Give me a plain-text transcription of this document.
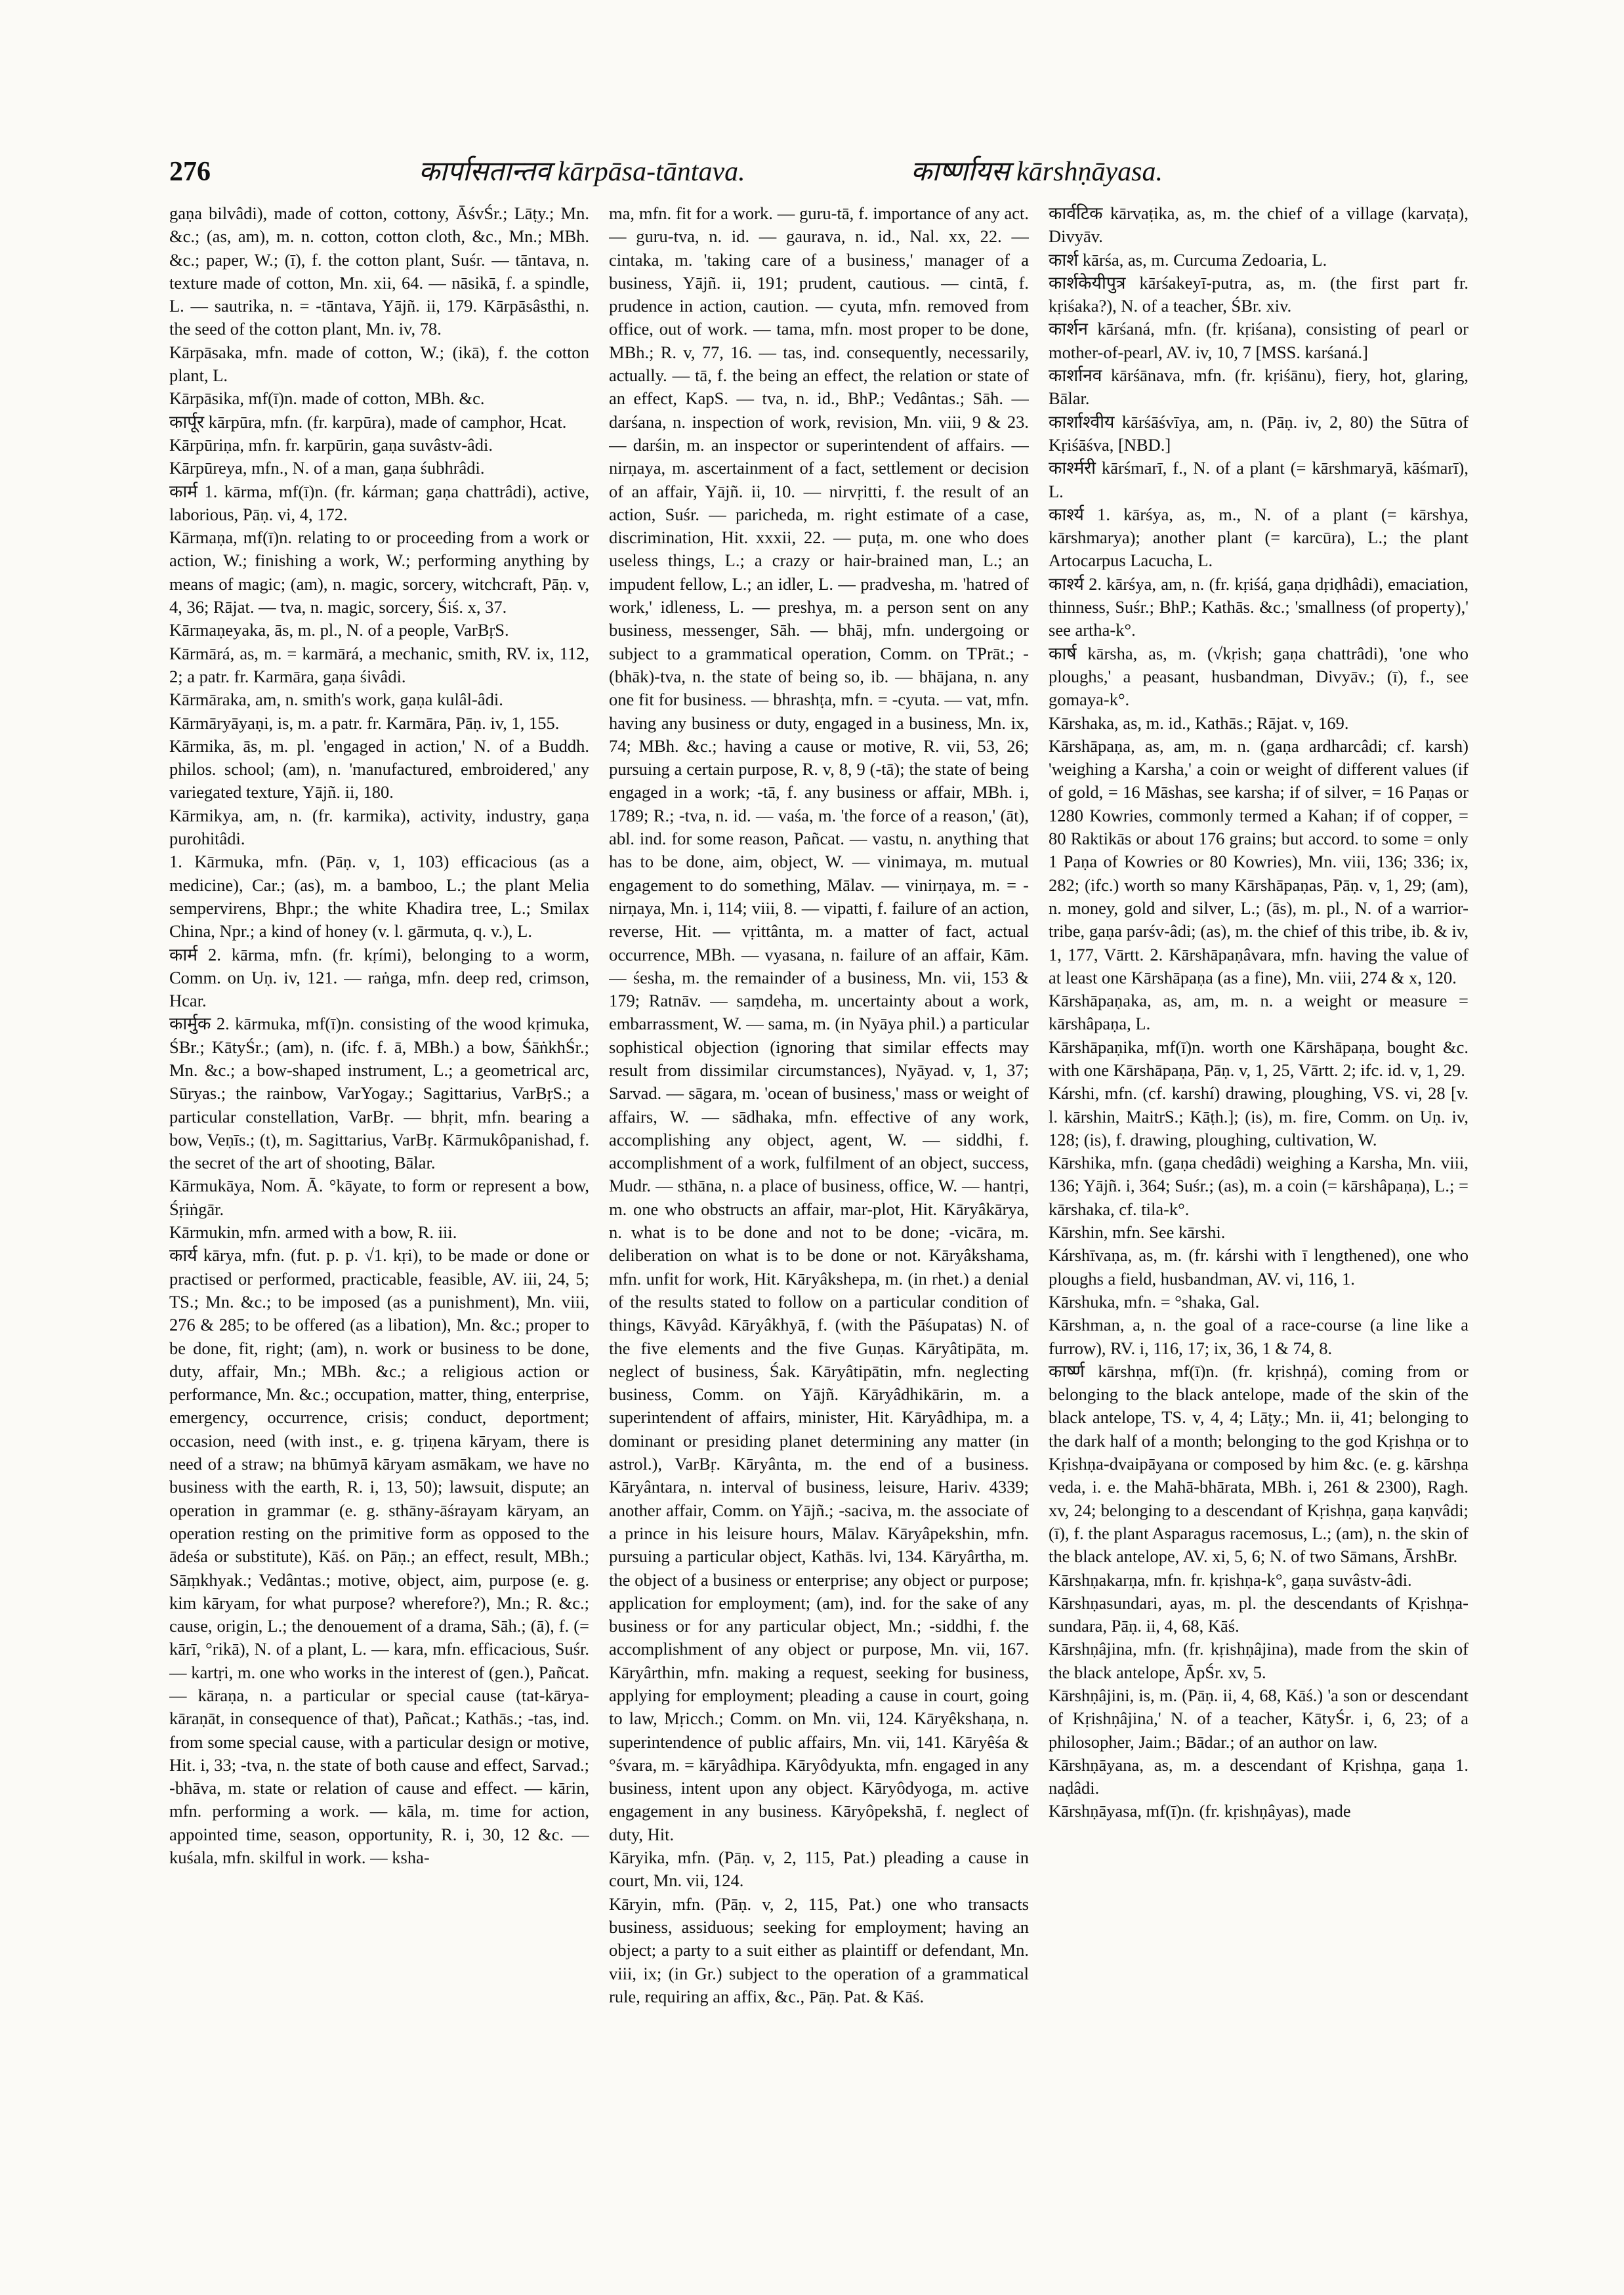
276	कार्पासतान्तव kārpāsa-tāntava.	कार्ष्णायस kārshṇāyasa.

gaṇa bilvâdi), made of cotton, cottony, ĀśvŚr.; Lāṭy.; Mn. &c.; (as, am), m. n. cotton, cotton cloth, &c., Mn.; MBh. &c.; paper, W.; (ī), f. the cotton plant, Suśr. — tāntava, n. texture made of cotton, Mn. xii, 64. — nāsikā, f. a spindle, L. — sautrika, n. = -tāntava, Yājñ. ii, 179. Kārpāsâsthi, n. the seed of the cotton plant, Mn. iv, 78.

Kārpāsaka, mfn. made of cotton, W.; (ikā), f. the cotton plant, L.

Kārpāsika, mf(ī)n. made of cotton, MBh. &c.

कार्पूर kārpūra, mfn. (fr. karpūra), made of camphor, Hcat.

Kārpūriṇa, mfn. fr. karpūrin, gaṇa suvâstv-âdi.

Kārpūreya, mfn., N. of a man, gaṇa śubhrâdi.

कार्म 1. kārma, mf(ī)n. (fr. kárman; gaṇa chattrâdi), active, laborious, Pāṇ. vi, 4, 172.

Kārmaṇa, mf(ī)n. relating to or proceeding from a work or action, W.; finishing a work, W.; performing anything by means of magic; (am), n. magic, sorcery, witchcraft, Pāṇ. v, 4, 36; Rājat. — tva, n. magic, sorcery, Śiś. x, 37.

Kārmaṇeyaka, ās, m. pl., N. of a people, VarBṛS.

Kārmārá, as, m. = karmārá, a mechanic, smith, RV. ix, 112, 2; a patr. fr. Karmāra, gaṇa śivâdi.

Kārmāraka, am, n. smith's work, gaṇa kulâl-âdi.

Kārmāryāyaṇi, is, m. a patr. fr. Karmāra, Pāṇ. iv, 1, 155.

Kārmika, ās, m. pl. 'engaged in action,' N. of a Buddh. philos. school; (am), n. 'manufactured, embroidered,' any variegated texture, Yājñ. ii, 180.

Kārmikya, am, n. (fr. karmika), activity, industry, gaṇa purohitâdi.

1. Kārmuka, mfn. (Pāṇ. v, 1, 103) efficacious (as a medicine), Car.; (as), m. a bamboo, L.; the plant Melia sempervirens, Bhpr.; the white Khadira tree, L.; Smilax China, Npr.; a kind of honey (v. l. gārmuta, q. v.), L.

कार्म 2. kārma, mfn. (fr. kṛími), belonging to a worm, Comm. on Uṇ. iv, 121. — raṅga, mfn. deep red, crimson, Hcar.

कार्मुक 2. kārmuka, mf(ī)n. consisting of the wood kṛimuka, ŚBr.; KātyŚr.; (am), n. (ifc. f. ā, MBh.) a bow, ŚāṅkhŚr.; Mn. &c.; a bow-shaped instrument, L.; a geometrical arc, Sūryas.; the rainbow, VarYogay.; Sagittarius, VarBṛS.; a particular constellation, VarBṛ. — bhṛit, mfn. bearing a bow, Veṇīs.; (t), m. Sagittarius, VarBṛ. Kārmukôpanishad, f. the secret of the art of shooting, Bālar.

Kārmukāya, Nom. Ā. °kāyate, to form or represent a bow, Śṛiṅgār.

Kārmukin, mfn. armed with a bow, R. iii.

कार्य kārya, mfn. (fut. p. p. √1. kṛi), to be made or done or practised or performed, practicable, feasible, AV. iii, 24, 5; TS.; Mn. &c.; to be imposed (as a punishment), Mn. viii, 276 & 285; to be offered (as a libation), Mn. &c.; proper to be done, fit, right; (am), n. work or business to be done, duty, affair, Mn.; MBh. &c.; a religious action or performance, Mn. &c.; occupation, matter, thing, enterprise, emergency, occurrence, crisis; conduct, deportment; occasion, need (with inst., e. g. tṛiṇena kāryam, there is need of a straw; na bhūmyā kāryam asmākam, we have no business with the earth, R. i, 13, 50); lawsuit, dispute; an operation in grammar (e. g. sthāny-āśrayam kāryam, an operation resting on the primitive form as opposed to the ādeśa or substitute), Kāś. on Pāṇ.; an effect, result, MBh.; Sāṃkhyak.; Vedântas.; motive, object, aim, purpose (e. g. kim kāryam, for what purpose? wherefore?), Mn.; R. &c.; cause, origin, L.; the denouement of a drama, Sāh.; (ā), f. (= kārī, °rikā), N. of a plant, L. — kara, mfn. efficacious, Suśr. — kartṛi, m. one who works in the interest of (gen.), Pañcat. — kāraṇa, n. a particular or special cause (tat-kārya-kāraṇāt, in consequence of that), Pañcat.; Kathās.; -tas, ind. from some special cause, with a particular design or motive, Hit. i, 33; -tva, n. the state of both cause and effect, Sarvad.; -bhāva, m. state or relation of cause and effect. — kārin, mfn. performing a work. — kāla, m. time for action, appointed time, season, opportunity, R. i, 30, 12 &c. — kuśala, mfn. skilful in work. — ksha-

ma, mfn. fit for a work. — guru-tā, f. importance of any act. — guru-tva, n. id. — gaurava, n. id., Nal. xx, 22. — cintaka, m. 'taking care of a business,' manager of a business, Yājñ. ii, 191; prudent, cautious. — cintā, f. prudence in action, caution. — cyuta, mfn. removed from office, out of work. — tama, mfn. most proper to be done, MBh.; R. v, 77, 16. — tas, ind. consequently, necessarily, actually. — tā, f. the being an effect, the relation or state of an effect, KapS. — tva, n. id., BhP.; Vedântas.; Sāh. — darśana, n. inspection of work, revision, Mn. viii, 9 & 23. — darśin, m. an inspector or superintendent of affairs. — nirṇaya, m. ascertainment of a fact, settlement or decision of an affair, Yājñ. ii, 10. — nirvṛitti, f. the result of an action, Suśr. — paricheda, m. right estimate of a case, discrimination, Hit. xxxii, 22. — puṭa, m. one who does useless things, L.; a crazy or hair-brained man, L.; an impudent fellow, L.; an idler, L. — pradvesha, m. 'hatred of work,' idleness, L. — preshya, m. a person sent on any business, messenger, Sāh. — bhāj, mfn. undergoing or subject to a grammatical operation, Comm. on TPrāt.; -(bhāk)-tva, n. the state of being so, ib. — bhājana, n. any one fit for business. — bhrashṭa, mfn. = -cyuta. — vat, mfn. having any business or duty, engaged in a business, Mn. ix, 74; MBh. &c.; having a cause or motive, R. vii, 53, 26; pursuing a certain purpose, R. v, 8, 9 (-tā); the state of being engaged in a work; -tā, f. any business or affair, MBh. i, 1789; R.; -tva, n. id. — vaśa, m. 'the force of a reason,' (āt), abl. ind. for some reason, Pañcat. — vastu, n. anything that has to be done, aim, object, W. — vinimaya, m. mutual engagement to do something, Mālav. — vinirṇaya, m. = -nirṇaya, Mn. i, 114; viii, 8. — vipatti, f. failure of an action, reverse, Hit. — vṛittânta, m. a matter of fact, actual occurrence, MBh. — vyasana, n. failure of an affair, Kām. — śesha, m. the remainder of a business, Mn. vii, 153 & 179; Ratnāv. — saṃdeha, m. uncertainty about a work, embarrassment, W. — sama, m. (in Nyāya phil.) a particular sophistical objection (ignoring that similar effects may result from dissimilar circumstances), Nyāyad. v, 1, 37; Sarvad. — sāgara, m. 'ocean of business,' mass or weight of affairs, W. — sādhaka, mfn. effective of any work, accomplishing any object, agent, W. — siddhi, f. accomplishment of a work, fulfilment of an object, success, Mudr. — sthāna, n. a place of business, office, W. — hantṛi, m. one who obstructs an affair, mar-plot, Hit. Kāryâkārya, n. what is to be done and not to be done; -vicāra, m. deliberation on what is to be done or not. Kāryâkshama, mfn. unfit for work, Hit. Kāryâkshepa, m. (in rhet.) a denial of the results stated to follow on a particular condition of things, Kāvyâd. Kāryâkhyā, f. (with the Pāśupatas) N. of the five elements and the five Guṇas. Kāryâtipāta, m. neglect of business, Śak. Kāryâtipātin, mfn. neglecting business, Comm. on Yājñ. Kāryâdhikārin, m. a superintendent of affairs, minister, Hit. Kāryâdhipa, m. a dominant or presiding planet determining any matter (in astrol.), VarBṛ. Kāryânta, m. the end of a business. Kāryântara, n. interval of business, leisure, Hariv. 4339; another affair, Comm. on Yājñ.; -saciva, m. the associate of a prince in his leisure hours, Mālav. Kāryâpekshin, mfn. pursuing a particular object, Kathās. lvi, 134. Kāryârtha, m. the object of a business or enterprise; any object or purpose; application for employment; (am), ind. for the sake of any business or for any particular object, Mn.; -siddhi, f. the accomplishment of any object or purpose, Mn. vii, 167. Kāryârthin, mfn. making a request, seeking for business, applying for employment; pleading a cause in court, going to law, Mṛicch.; Comm. on Mn. vii, 124. Kāryêkshaṇa, n. superintendence of public affairs, Mn. vii, 141. Kāryêśa & °śvara, m. = kāryâdhipa. Kāryôdyukta, mfn. engaged in any business, intent upon any object. Kāryôdyoga, m. active engagement in any business. Kāryôpekshā, f. neglect of duty, Hit.

Kāryika, mfn. (Pāṇ. v, 2, 115, Pat.) pleading a cause in court, Mn. vii, 124.

Kāryin, mfn. (Pāṇ. v, 2, 115, Pat.) one who transacts business, assiduous; seeking for employment; having an object; a party to a suit either as plaintiff or defendant, Mn. viii, ix; (in Gr.) subject to the operation of a grammatical rule, requiring an affix, &c., Pāṇ. Pat. & Kāś.

कार्वटिक kārvaṭika, as, m. the chief of a village (karvaṭa), Divyāv.

कार्श kārśa, as, m. Curcuma Zedoaria, L.

कार्शकेयीपुत्र kārśakeyī-putra, as, m. (the first part fr. kṛiśaka?), N. of a teacher, ŚBr. xiv.

कार्शन kārśaná, mfn. (fr. kṛiśana), consisting of pearl or mother-of-pearl, AV. iv, 10, 7 [MSS. karśaná.]

कार्शानव kārśānava, mfn. (fr. kṛiśānu), fiery, hot, glaring, Bālar.

कार्शाश्वीय kārśāśvīya, am, n. (Pāṇ. iv, 2, 80) the Sūtra of Kṛiśāśva, [NBD.]

कार्श्मरी kārśmarī, f., N. of a plant (= kārshmaryā, kāśmarī), L.

कार्श्य 1. kārśya, as, m., N. of a plant (= kārshya, kārshmarya); another plant (= karcūra), L.; the plant Artocarpus Lacucha, L.

कार्श्य 2. kārśya, am, n. (fr. kṛiśá, gaṇa dṛiḍhâdi), emaciation, thinness, Suśr.; BhP.; Kathās. &c.; 'smallness (of property),' see artha-k°.

कार्ष kārsha, as, m. (√kṛish; gaṇa chattrâdi), 'one who ploughs,' a peasant, husbandman, Divyāv.; (ī), f., see gomaya-k°.

Kārshaka, as, m. id., Kathās.; Rājat. v, 169.

Kārshāpaṇa, as, am, m. n. (gaṇa ardharcâdi; cf. karsh) 'weighing a Karsha,' a coin or weight of different values (if of gold, = 16 Māshas, see karsha; if of silver, = 16 Paṇas or 1280 Kowries, commonly termed a Kahan; if of copper, = 80 Raktikās or about 176 grains; but accord. to some = only 1 Paṇa of Kowries or 80 Kowries), Mn. viii, 136; 336; ix, 282; (ifc.) worth so many Kārshāpaṇas, Pāṇ. v, 1, 29; (am), n. money, gold and silver, L.; (ās), m. pl., N. of a warrior-tribe, gaṇa parśv-âdi; (as), m. the chief of this tribe, ib. & iv, 1, 177, Vārtt. 2. Kārshāpaṇâvara, mfn. having the value of at least one Kārshāpaṇa (as a fine), Mn. viii, 274 & x, 120.

Kārshāpaṇaka, as, am, m. n. a weight or measure = kārshâpaṇa, L.

Kārshāpaṇika, mf(ī)n. worth one Kārshāpaṇa, bought &c. with one Kārshāpaṇa, Pāṇ. v, 1, 25, Vārtt. 2; ifc. id. v, 1, 29.

Kárshi, mfn. (cf. karshí) drawing, ploughing, VS. vi, 28 [v. l. kārshin, MaitrS.; Kāṭh.]; (is), m. fire, Comm. on Uṇ. iv, 128; (is), f. drawing, ploughing, cultivation, W.

Kārshika, mfn. (gaṇa chedâdi) weighing a Karsha, Mn. viii, 136; Yājñ. i, 364; Suśr.; (as), m. a coin (= kārshâpaṇa), L.; = kārshaka, cf. tila-k°.

Kārshin, mfn. See kārshi.

Kárshīvaṇa, as, m. (fr. kárshi with ī lengthened), one who ploughs a field, husbandman, AV. vi, 116, 1.

Kārshuka, mfn. = °shaka, Gal.

Kārshman, a, n. the goal of a race-course (a line like a furrow), RV. i, 116, 17; ix, 36, 1 & 74, 8.

कार्ष्ण kārshṇa, mf(ī)n. (fr. kṛishṇá), coming from or belonging to the black antelope, made of the skin of the black antelope, TS. v, 4, 4; Lāṭy.; Mn. ii, 41; belonging to the dark half of a month; belonging to the god Kṛishṇa or to Kṛishṇa-dvaipāyana or composed by him &c. (e. g. kārshṇa veda, i. e. the Mahā-bhārata, MBh. i, 261 & 2300), Ragh. xv, 24; belonging to a descendant of Kṛishṇa, gaṇa kaṇvâdi; (ī), f. the plant Asparagus racemosus, L.; (am), n. the skin of the black antelope, AV. xi, 5, 6; N. of two Sāmans, ĀrshBr.

Kārshṇakarṇa, mfn. fr. kṛishṇa-k°, gaṇa suvâstv-âdi.

Kārshṇasundari, ayas, m. pl. the descendants of Kṛishṇa-sundara, Pāṇ. ii, 4, 68, Kāś.

Kārshṇâjina, mfn. (fr. kṛishṇâjina), made from the skin of the black antelope, ĀpŚr. xv, 5.

Kārshṇâjini, is, m. (Pāṇ. ii, 4, 68, Kāś.) 'a son or descendant of Kṛishṇâjina,' N. of a teacher, KātyŚr. i, 6, 23; of a philosopher, Jaim.; Bādar.; of an author on law.

Kārshṇāyana, as, m. a descendant of Kṛishṇa, gaṇa 1. naḍâdi.

Kārshṇāyasa, mf(ī)n. (fr. kṛishṇâyas), made
